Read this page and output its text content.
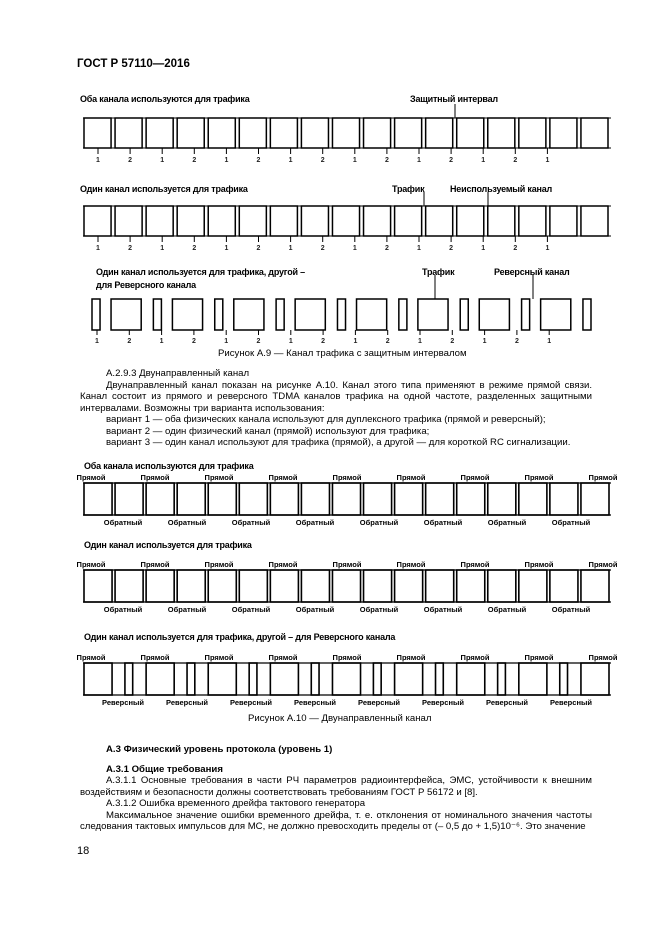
ГОСТ Р 57110—2016
Оба канала используются для трафика	Защитный интервал
Один канал используется для трафика	Трафик	Неиспользуемый канал
Один канал используется для трафика, другой –
для Реверсного канала
Трафик	Реверсный канал
1	2	1	2	1	2	1	2	1	2	1	2	1	2	1
1	2	1	2	1	2	1	2	1	2	1	2	1	2	1
1	2	1	2	1	2	1	2	1	2	1	2	1	2	1
Рисунок А.9 — Канал трафика с защитным интервалом

А.2.9.3 Двунаправленный канал

Двунаправленный канал показан на рисунке А.10. Канал этого типа применяют в режиме прямой связи. Канал состоит из прямого и реверсного TDMA каналов трафика на одной частоте, разделенных защитными интервалами. Возможны три варианта использования:

вариант 1 — оба физических канала используют для дуплексного трафика (прямой и реверсный);

вариант 2 — один физический канал (прямой) используют для трафика;

вариант 3 — один канал используют для трафика (прямой), а другой — для короткой RC сигнализации.

Оба канала используются для трафика
Один канал используется для трафика
Один канал используется для трафика, другой – для Реверсного канала
Прямой	Прямой	Прямой	Прямой	Прямой	Прямой	Прямой	Прямой	Прямой
Обратный	Обратный	Обратный	Обратный	Обратный	Обратный	Обратный	Обратный
Прямой	Прямой	Прямой	Прямой	Прямой	Прямой	Прямой	Прямой	Прямой
Обратный	Обратный	Обратный	Обратный	Обратный	Обратный	Обратный	Обратный
Прямой	Прямой	Прямой	Прямой	Прямой	Прямой	Прямой	Прямой	Прямой
Реверсный	Реверсный	Реверсный	Реверсный	Реверсный	Реверсный	Реверсный	Реверсный
Рисунок А.10 — Двунаправленный канал

А.3 Физический уровень протокола (уровень 1)

А.3.1 Общие требования

А.3.1.1 Основные требования в части РЧ параметров радиоинтерфейса, ЭМС, устойчивости к внешним воздействиям и безопасности должны соответствовать требованиям ГОСТ Р 56172 и [8].

А.3.1.2 Ошибка временного дрейфа тактового генератора

Максимальное значение ошибки временного дрейфа, т. е. отклонения от номинального значения частоты следования тактовых импульсов для МС, не должно превосходить пределы от (– 0,5 до + 1,5)10⁻⁶. Это значение

18
